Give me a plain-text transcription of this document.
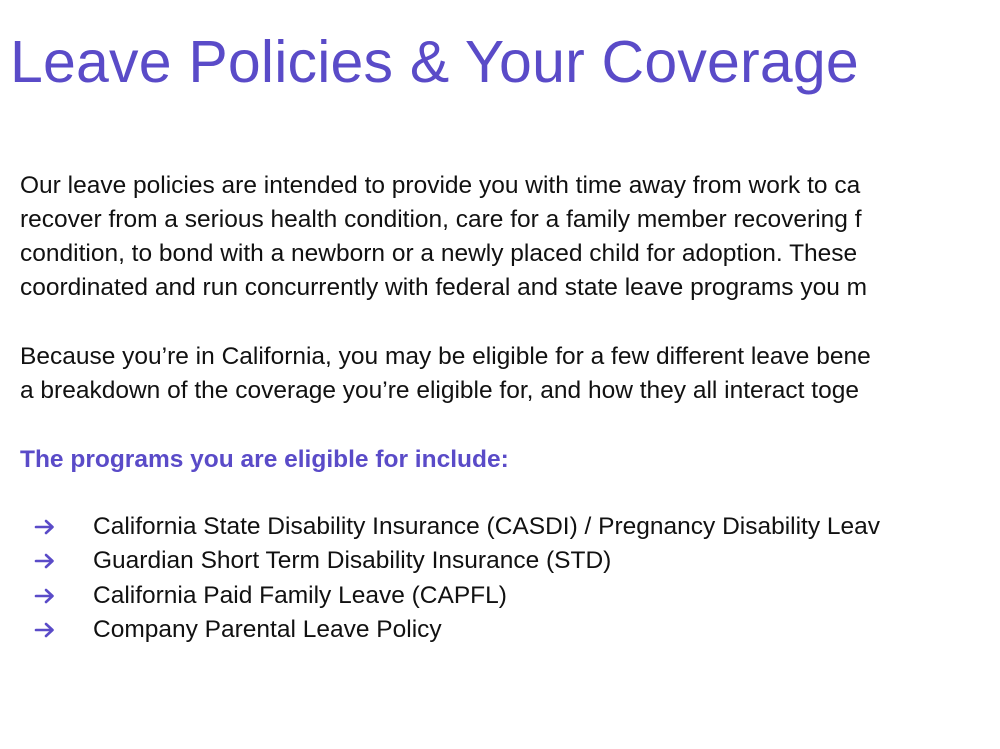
Leave Policies & Your Coverage

Our leave policies are intended to provide you with time away from work to ca
recover from a serious health condition, care for a family member recovering f
condition, to bond with a newborn or a newly placed child for adoption. These
coordinated and run concurrently with federal and state leave programs you m

Because you’re in California, you may be eligible for a few different leave bene
a breakdown of the coverage you’re eligible for, and how they all interact toge

The programs you are eligible for include:
California State Disability Insurance (CASDI) / Pregnancy Disability Leav
Guardian Short Term Disability Insurance (STD)
California Paid Family Leave (CAPFL)
Company Parental Leave Policy
